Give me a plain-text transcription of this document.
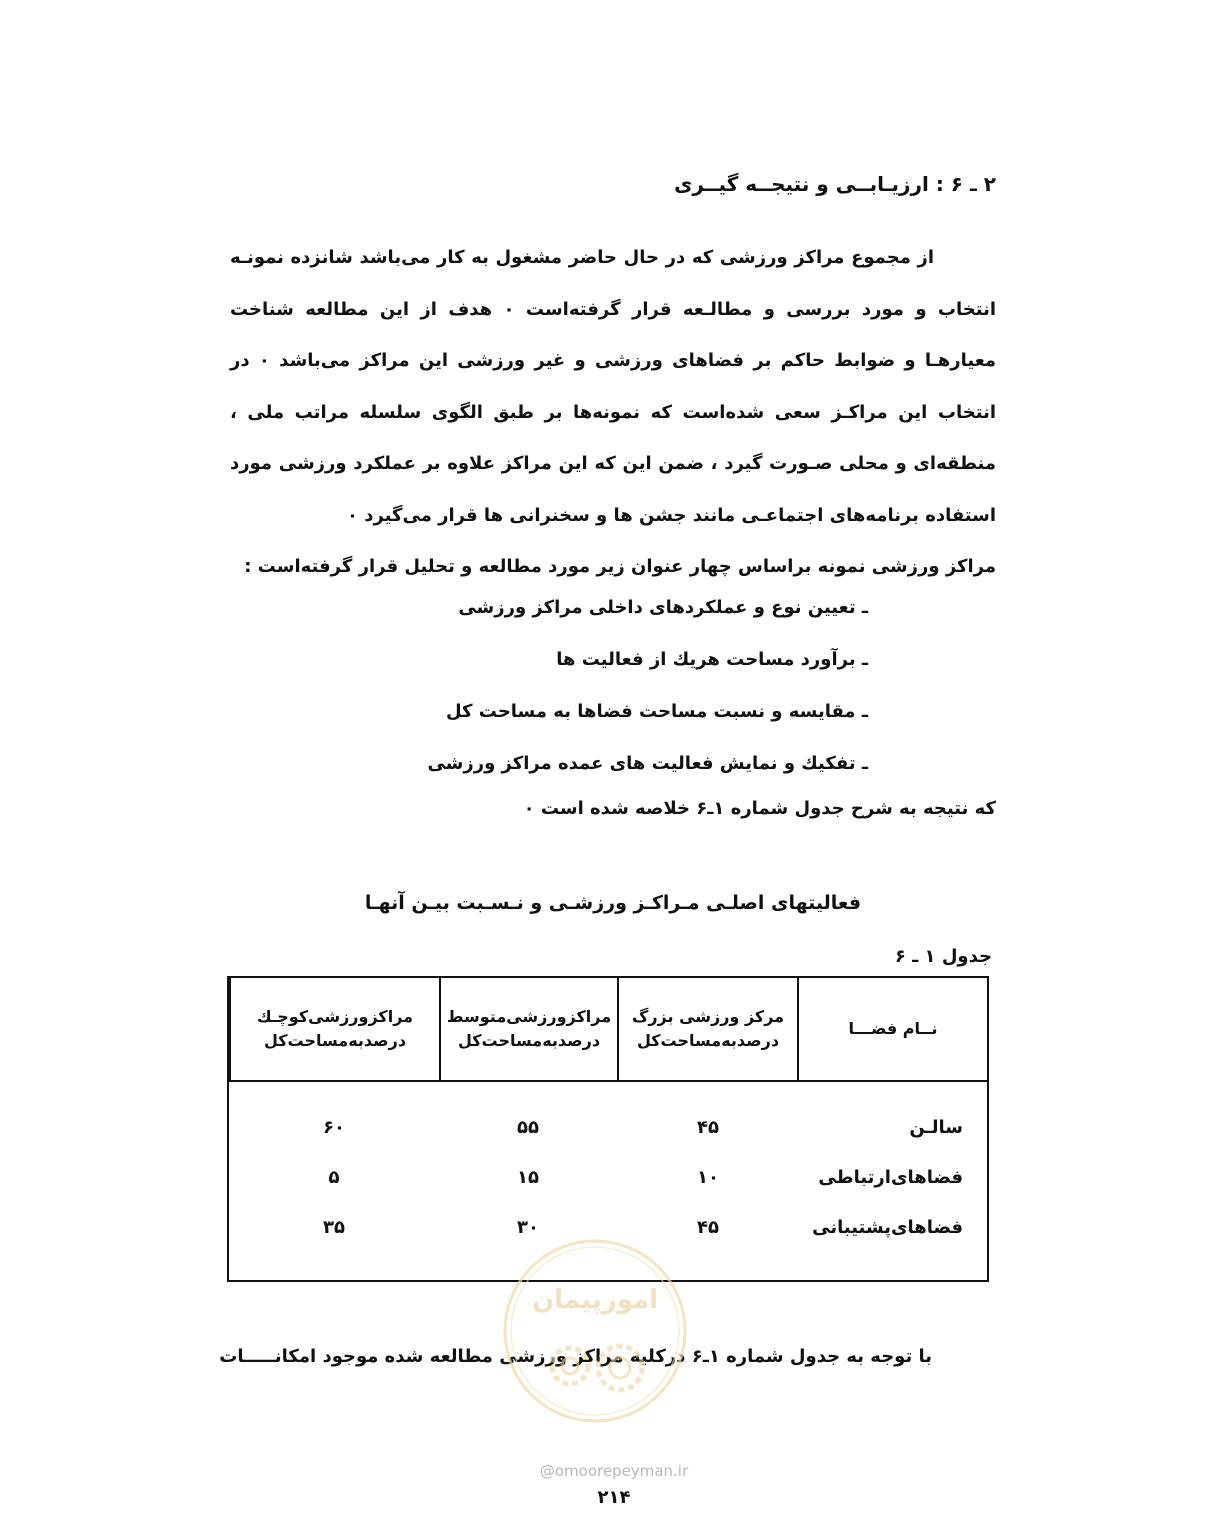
۲ ـ ۶ : ارزیـابــی و نتیجــه گیــری

از مجموع مراکز ورزشی که در حال حاضر مشغول به کار می‌باشد شانزده نمونـه انتخاب و مورد بررسی و مطالـعه قرار گرفته‌است ۰ هدف از این مطالعه شناخت معیارهـا و ضوابط حاکم بر فضاهای ورزشی و غیر ورزشی این مراکز می‌باشد ۰ در انتخاب این مراکـز سعی شده‌است که نمونه‌ها بر طبق الگوی سلسله مراتب ملی ، منطقه‌ای و محلی صـورت گیرد ، ضمن این که این مراکز علاوه بر عملکرد ورزشی مورد استفاده برنامه‌های اجتماعـی مانند جشن ها و سخنرانی ها قرار می‌گیرد ۰

مراکز ورزشی نمونه براساس چهار عنوان زیر مورد مطالعه و تحلیل قرار گرفته‌است :

ـ تعیین نوع و عملکردهای داخلی مراکز ورزشی

ـ برآورد مساحت هریك از فعالیت ها

ـ مقایسه و نسبت مساحت فضاها به مساحت کل

ـ تفکیك و نمایش فعالیت های عمده مراکز ورزشی

که نتیجه به شرح جدول شماره ۱ـ۶ خلاصه شده است ۰
فعالیتهای اصلـی مـراکـز ورزشـی و نـسـبت بیـن آنهـا
جدول ۱ ـ ۶
نــام فضـــا
مرکز ورزشی بزرگ
درصدبه‌مساحت‌کل
مراکزورزشی‌متوسط
درصدبه‌مساحت‌کل
مراکزورزشی‌کوچـك
درصدبه‌مساحت‌کل
سالـن
۴۵
۵۵
۶۰
فضاهای‌ارتباطی
۱۰
۱۵
۵
فضاهای‌پشتیبانی
۴۵
۳۰
۳۵
با توجه به جدول شماره ۱ـ۶ درکلیه مراکز ورزشی مطالعه شده موجود امکانـــــات
امورپیمان
@omoorepeyman.ir
۲۱۴
